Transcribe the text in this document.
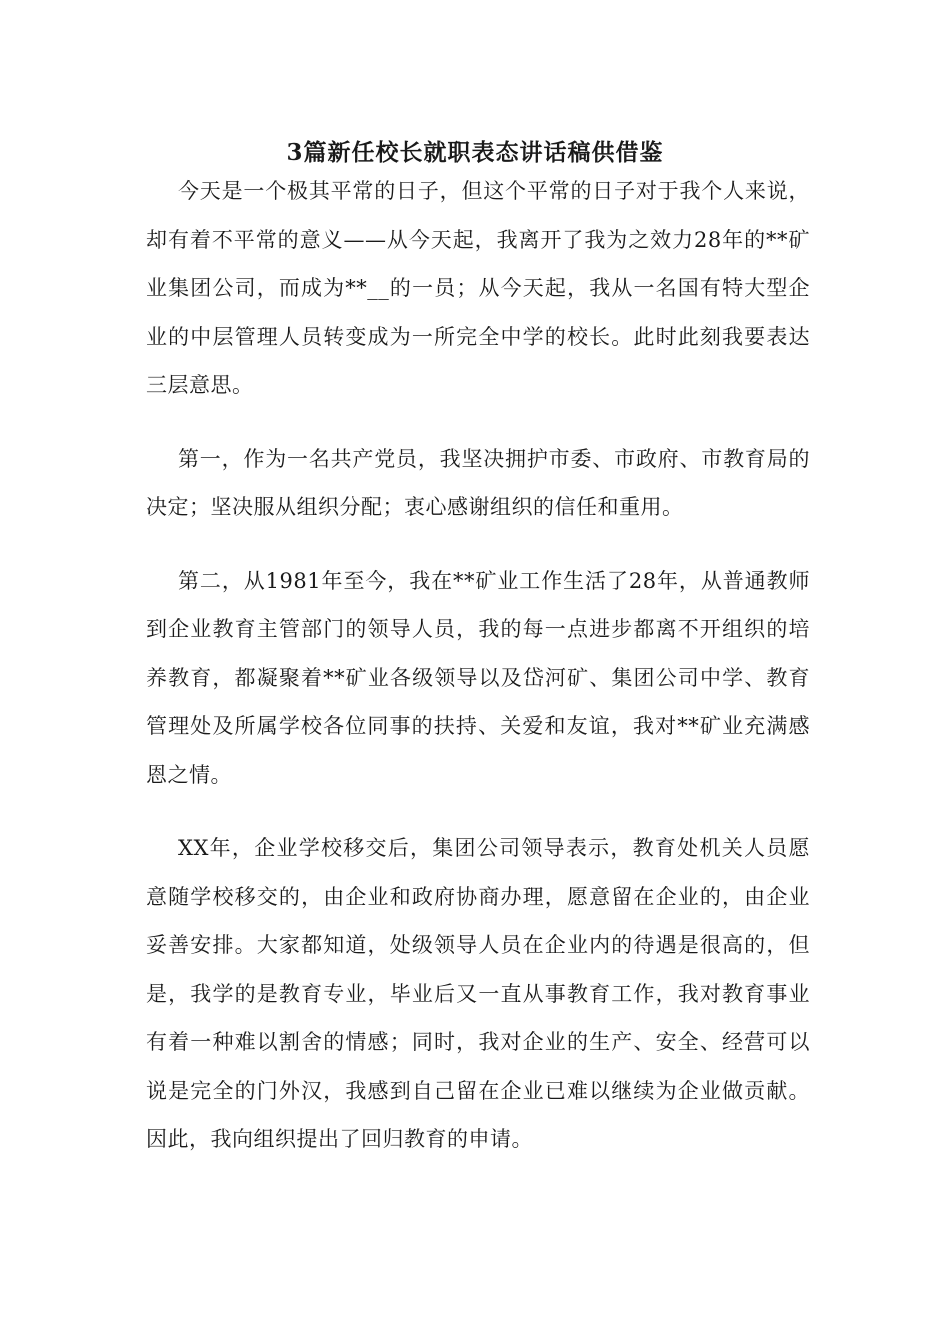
3篇新任校长就职表态讲话稿供借鉴

今天是一个极其平常的日子，但这个平常的日子对于我个人来说，却有着不平常的意义——从今天起，我离开了我为之效力28年的**矿业集团公司，而成为**__的一员；从今天起，我从一名国有特大型企业的中层管理人员转变成为一所完全中学的校长。此时此刻我要表达三层意思。

第一，作为一名共产党员，我坚决拥护市委、市政府、市教育局的决定；坚决服从组织分配；衷心感谢组织的信任和重用。

第二，从1981年至今，我在**矿业工作生活了28年，从普通教师到企业教育主管部门的领导人员，我的每一点进步都离不开组织的培养教育，都凝聚着**矿业各级领导以及岱河矿、集团公司中学、教育管理处及所属学校各位同事的扶持、关爱和友谊，我对**矿业充满感恩之情。

XX年，企业学校移交后，集团公司领导表示，教育处机关人员愿意随学校移交的，由企业和政府协商办理，愿意留在企业的，由企业妥善安排。大家都知道，处级领导人员在企业内的待遇是很高的，但是，我学的是教育专业，毕业后又一直从事教育工作，我对教育事业有着一种难以割舍的情感；同时，我对企业的生产、安全、经营可以说是完全的门外汉，我感到自己留在企业已难以继续为企业做贡献。因此，我向组织提出了回归教育的申请。
